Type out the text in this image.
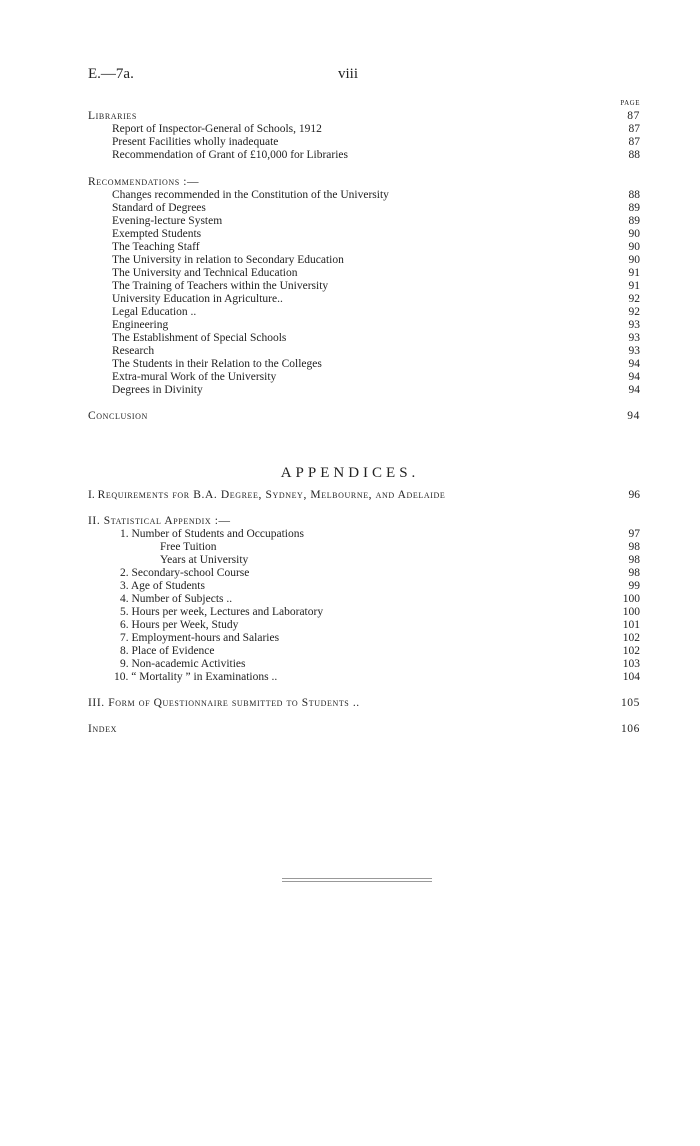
E.—7a.	viii
PAGE
Libraries	87
Report of Inspector-General of Schools, 1912	87
Present Facilities wholly inadequate	87
Recommendation of Grant of £10,000 for Libraries	88
Recommendations :—
Changes recommended in the Constitution of the University	88
Standard of Degrees	89
Evening-lecture System	89
Exempted Students	90
The Teaching Staff	90
The University in relation to Secondary Education	90
The University and Technical Education	91
The Training of Teachers within the University	91
University Education in Agriculture..	92
Legal Education ..	92
Engineering	93
The Establishment of Special Schools	93
Research	93
The Students in their Relation to the Colleges	94
Extra-mural Work of the University	94
Degrees in Divinity	94
Conclusion	94
APPENDICES.
I. Requirements for B.A. Degree, Sydney, Melbourne, and Adelaide	96
II. Statistical Appendix :—
1. Number of Students and Occupations	97
Free Tuition	98
Years at University	98
2. Secondary-school Course	98
3. Age of Students	99
4. Number of Subjects ..	100
5. Hours per week, Lectures and Laboratory	100
6. Hours per Week, Study	101
7. Employment-hours and Salaries	102
8. Place of Evidence	102
9. Non-academic Activities	103
10. “ Mortality ” in Examinations ..	104
III. Form of Questionnaire submitted to Students ..	105
Index	106
